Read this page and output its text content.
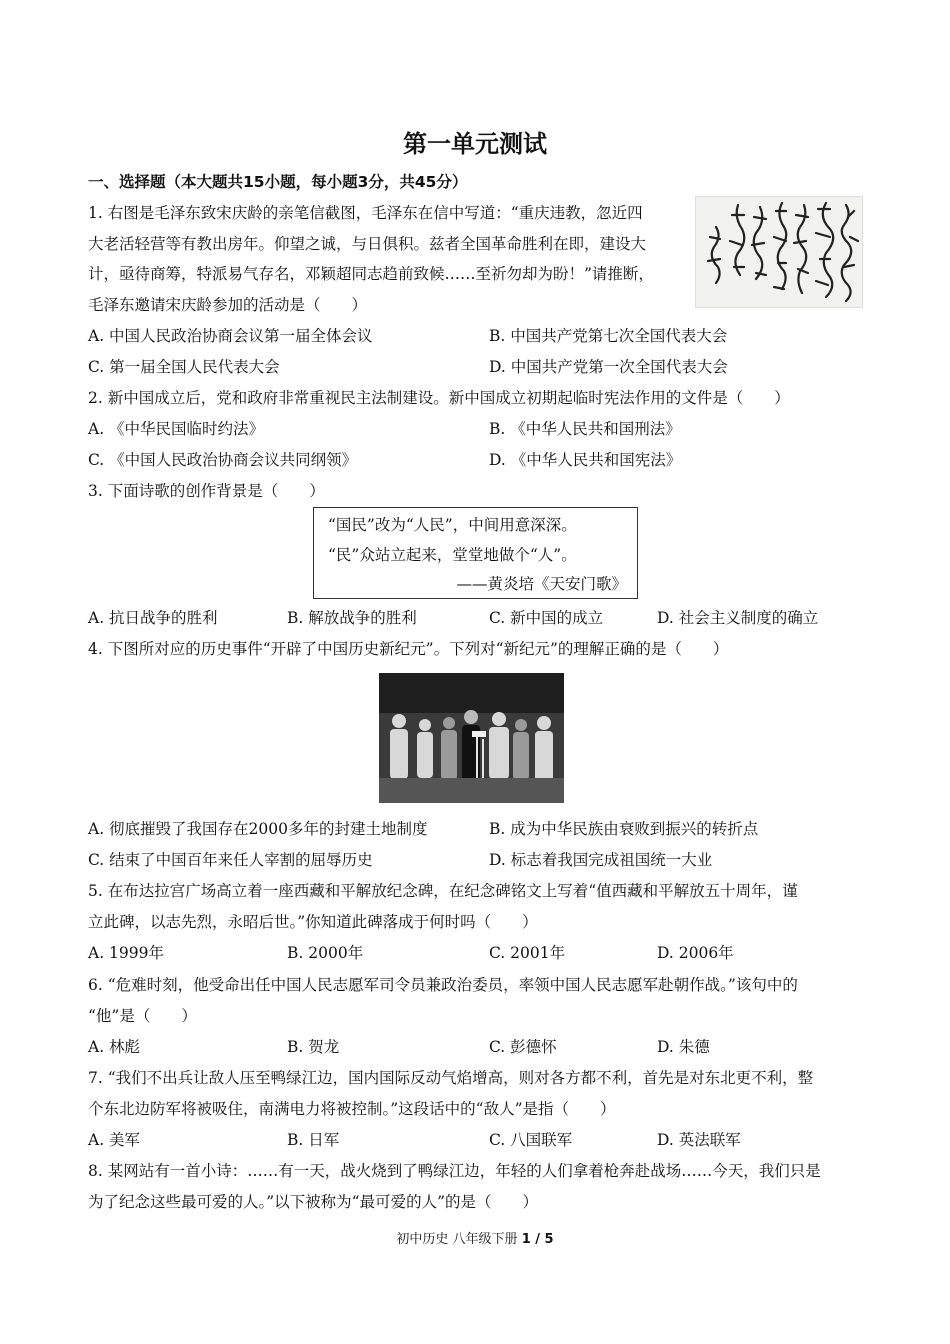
第一单元测试
一、选择题（本大题共15小题，每小题3分，共45分）
1. 右图是毛泽东致宋庆龄的亲笔信截图，毛泽东在信中写道：“重庆违教，忽近四
大老活轻营等有教出房年。仰望之诚，与日俱积。兹者全国革命胜利在即，建设大
计，亟待商筹，特派易气存名，邓颖超同志趋前致候……至祈勿却为盼！”请推断，
毛泽东邀请宋庆龄参加的活动是（　　）
A. 中国人民政治协商会议第一届全体会议	B. 中国共产党第七次全国代表大会
C. 第一届全国人民代表大会	D. 中国共产党第一次全国代表大会
2. 新中国成立后，党和政府非常重视民主法制建设。新中国成立初期起临时宪法作用的文件是（　　）
A. 《中华民国临时约法》	B. 《中华人民共和国刑法》
C. 《中国人民政治协商会议共同纲领》	D. 《中华人民共和国宪法》
3. 下面诗歌的创作背景是（　　）
“国民”改为“人民”，中间用意深深。
“民”众站立起来，堂堂地做个“人”。
——黄炎培《天安门歌》
A. 抗日战争的胜利	B. 解放战争的胜利	C. 新中国的成立	D. 社会主义制度的确立
4. 下图所对应的历史事件“开辟了中国历史新纪元”。下列对“新纪元”的理解正确的是（　　）
A. 彻底摧毁了我国存在2000多年的封建土地制度	B. 成为中华民族由衰败到振兴的转折点
C. 结束了中国百年来任人宰割的屈辱历史	D. 标志着我国完成祖国统一大业
5. 在布达拉宫广场高立着一座西藏和平解放纪念碑，在纪念碑铭文上写着“值西藏和平解放五十周年，谨
立此碑，以志先烈，永昭后世。”你知道此碑落成于何时吗（　　）
A. 1999年	B. 2000年	C. 2001年	D. 2006年
6. “危难时刻，他受命出任中国人民志愿军司令员兼政治委员，率领中国人民志愿军赴朝作战。”该句中的
“他”是（　　）
A. 林彪	B. 贺龙	C. 彭德怀	D. 朱德
7. “我们不出兵让敌人压至鸭绿江边，国内国际反动气焰增高，则对各方都不利，首先是对东北更不利，整
个东北边防军将被吸住，南满电力将被控制。”这段话中的“敌人”是指（　　）
A. 美军	B. 日军	C. 八国联军	D. 英法联军
8. 某网站有一首小诗：……有一天，战火烧到了鸭绿江边，年轻的人们拿着枪奔赴战场……今天，我们只是
为了纪念这些最可爱的人。”以下被称为“最可爱的人”的是（　　）
初中历史 八年级下册 1 / 5
